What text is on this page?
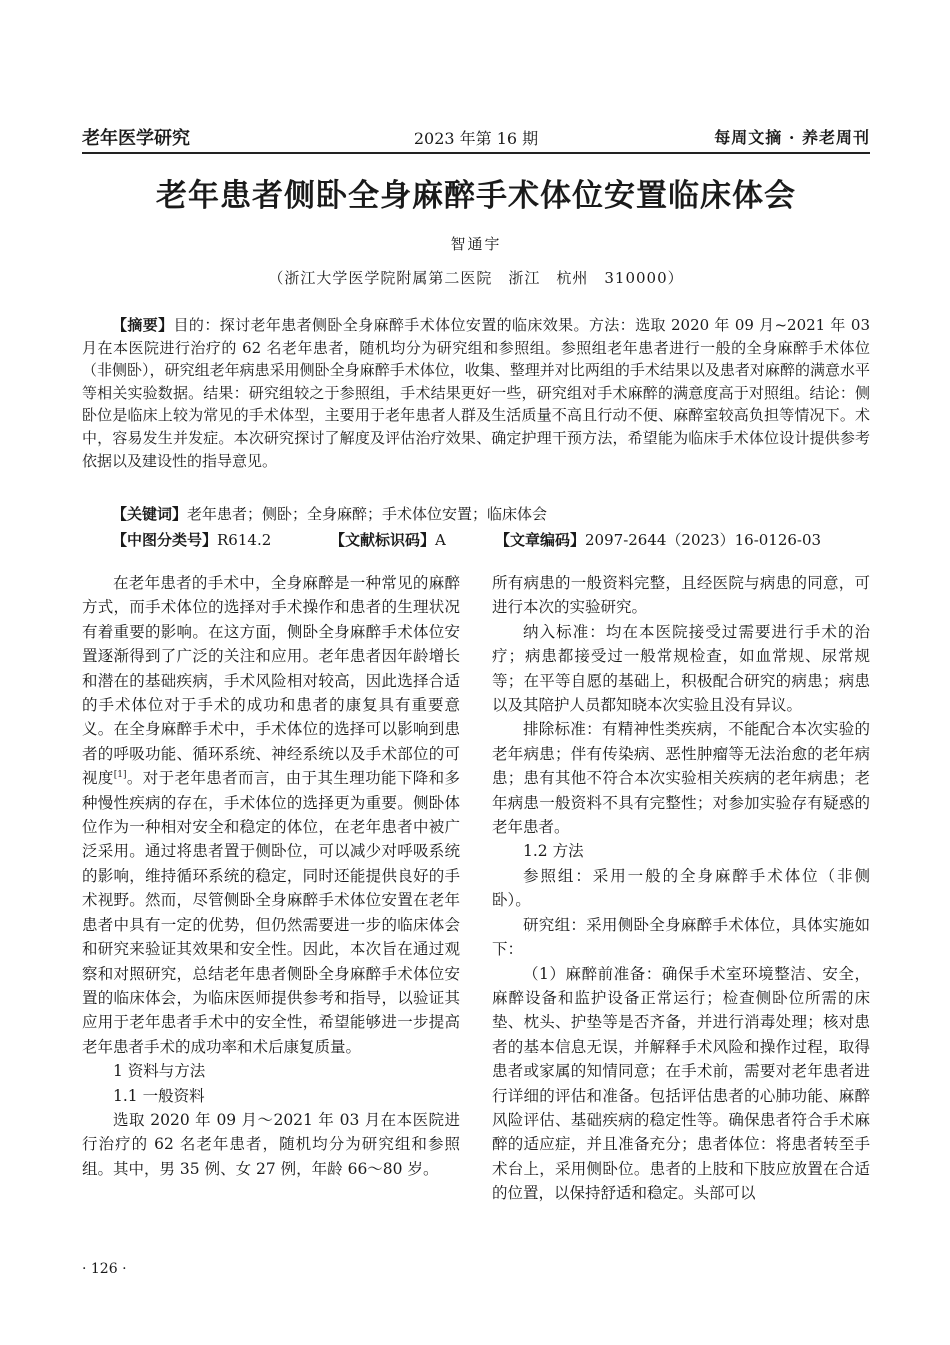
老年医学研究	2023 年第 16 期	每周文摘 · 养老周刊
老年患者侧卧全身麻醉手术体位安置临床体会
智通宇
（浙江大学医学院附属第二医院　浙江　杭州　310000）

【摘要】目的：探讨老年患者侧卧全身麻醉手术体位安置的临床效果。方法：选取 2020 年 09 月~2021 年 03 月在本医院进行治疗的 62 名老年患者，随机均分为研究组和参照组。参照组老年患者进行一般的全身麻醉手术体位（非侧卧），研究组老年病患采用侧卧全身麻醉手术体位，收集、整理并对比两组的手术结果以及患者对麻醉的满意水平等相关实验数据。结果：研究组较之于参照组，手术结果更好一些，研究组对手术麻醉的满意度高于对照组。结论：侧卧位是临床上较为常见的手术体型，主要用于老年患者人群及生活质量不高且行动不便、麻醉室较高负担等情况下。术中，容易发生并发症。本次研究探讨了解度及评估治疗效果、确定护理干预方法，希望能为临床手术体位设计提供参考依据以及建设性的指导意见。

【关键词】老年患者；侧卧；全身麻醉；手术体位安置；临床体会
【中图分类号】R614.2	【文献标识码】A	【文章编码】2097-2644（2023）16-0126-03

在老年患者的手术中，全身麻醉是一种常见的麻醉方式，而手术体位的选择对手术操作和患者的生理状况有着重要的影响。在这方面，侧卧全身麻醉手术体位安置逐渐得到了广泛的关注和应用。老年患者因年龄增长和潜在的基础疾病，手术风险相对较高，因此选择合适的手术体位对于手术的成功和患者的康复具有重要意义。在全身麻醉手术中，手术体位的选择可以影响到患者的呼吸功能、循环系统、神经系统以及手术部位的可视度[1]。对于老年患者而言，由于其生理功能下降和多种慢性疾病的存在，手术体位的选择更为重要。侧卧体位作为一种相对安全和稳定的体位，在老年患者中被广泛采用。通过将患者置于侧卧位，可以减少对呼吸系统的影响，维持循环系统的稳定，同时还能提供良好的手术视野。然而，尽管侧卧全身麻醉手术体位安置在老年患者中具有一定的优势，但仍然需要进一步的临床体会和研究来验证其效果和安全性。因此，本次旨在通过观察和对照研究，总结老年患者侧卧全身麻醉手术体位安置的临床体会，为临床医师提供参考和指导，以验证其应用于老年患者手术中的安全性，希望能够进一步提高老年患者手术的成功率和术后康复质量。

1 资料与方法

1.1 一般资料

选取 2020 年 09 月～2021 年 03 月在本医院进行治疗的 62 名老年患者，随机均分为研究组和参照组。其中，男 35 例、女 27 例，年龄 66～80 岁。

所有病患的一般资料完整，且经医院与病患的同意，可进行本次的实验研究。

纳入标准：均在本医院接受过需要进行手术的治疗；病患都接受过一般常规检查，如血常规、尿常规等；在平等自愿的基础上，积极配合研究的病患；病患以及其陪护人员都知晓本次实验且没有异议。

排除标准：有精神性类疾病，不能配合本次实验的老年病患；伴有传染病、恶性肿瘤等无法治愈的老年病患；患有其他不符合本次实验相关疾病的老年病患；老年病患一般资料不具有完整性；对参加实验存有疑惑的老年患者。

1.2 方法

参照组：采用一般的全身麻醉手术体位（非侧卧）。

研究组：采用侧卧全身麻醉手术体位，具体实施如下：

（1）麻醉前准备：确保手术室环境整洁、安全，麻醉设备和监护设备正常运行；检查侧卧位所需的床垫、枕头、护垫等是否齐备，并进行消毒处理；核对患者的基本信息无误，并解释手术风险和操作过程，取得患者或家属的知情同意；在手术前，需要对老年患者进行详细的评估和准备。包括评估患者的心肺功能、麻醉风险评估、基础疾病的稳定性等。确保患者符合手术麻醉的适应症，并且准备充分；患者体位：将患者转至手术台上，采用侧卧位。患者的上肢和下肢应放置在合适的位置，以保持舒适和稳定。头部可以

· 126 ·
